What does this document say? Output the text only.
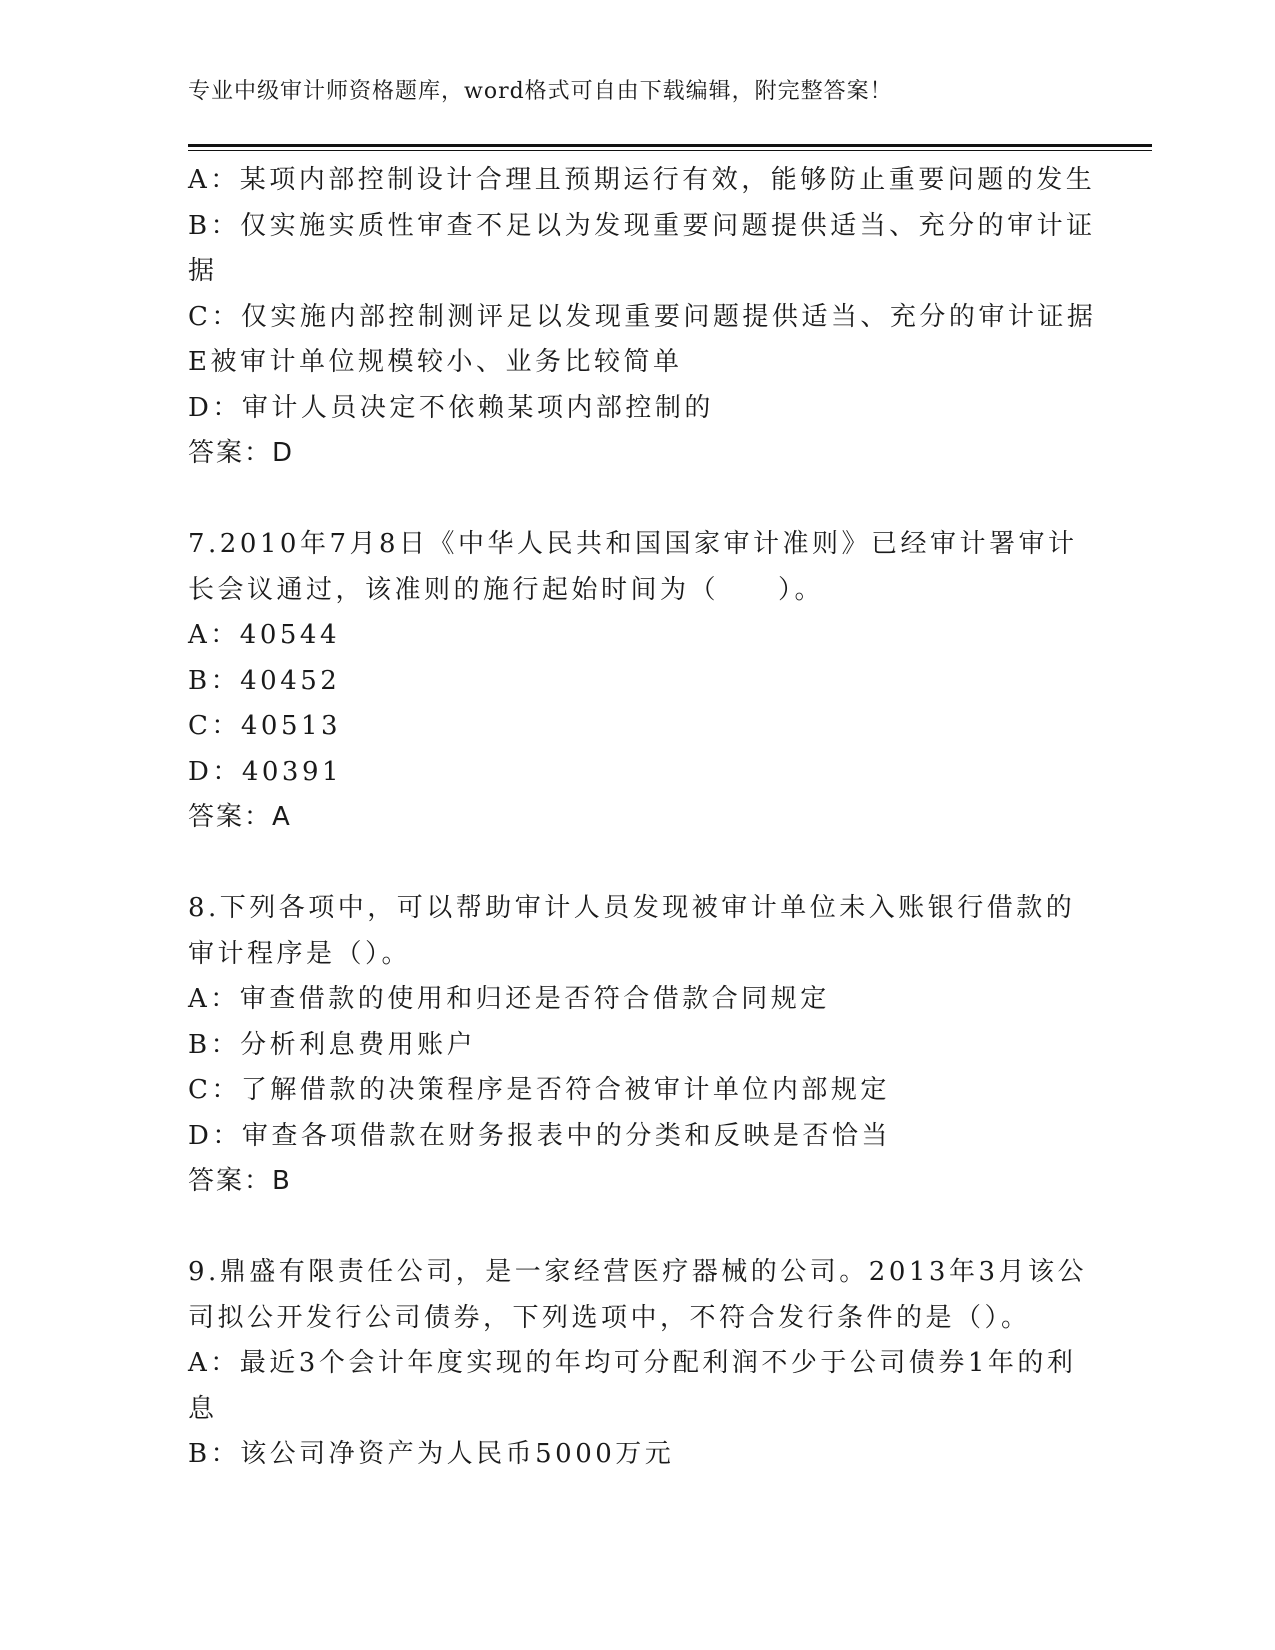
专业中级审计师资格题库，word格式可自由下载编辑，附完整答案！
A：某项内部控制设计合理且预期运行有效，能够防止重要问题的发生
B：仅实施实质性审查不足以为发现重要问题提供适当、充分的审计证
据
C：仅实施内部控制测评足以发现重要问题提供适当、充分的审计证据
E被审计单位规模较小、业务比较简单
D：审计人员决定不依赖某项内部控制的
答案：D
7.2010年7月8日《中华人民共和国国家审计准则》已经审计署审计
长会议通过，该准则的施行起始时间为（　　）。
A：40544
B：40452
C：40513
D：40391
答案：A
8.下列各项中，可以帮助审计人员发现被审计单位未入账银行借款的
审计程序是（）。
A：审查借款的使用和归还是否符合借款合同规定
B：分析利息费用账户
C：了解借款的决策程序是否符合被审计单位内部规定
D：审查各项借款在财务报表中的分类和反映是否恰当
答案：B
9.鼎盛有限责任公司，是一家经营医疗器械的公司。2013年3月该公
司拟公开发行公司债券，下列选项中，不符合发行条件的是（）。
A：最近3个会计年度实现的年均可分配利润不少于公司债券1年的利
息
B：该公司净资产为人民币5000万元
